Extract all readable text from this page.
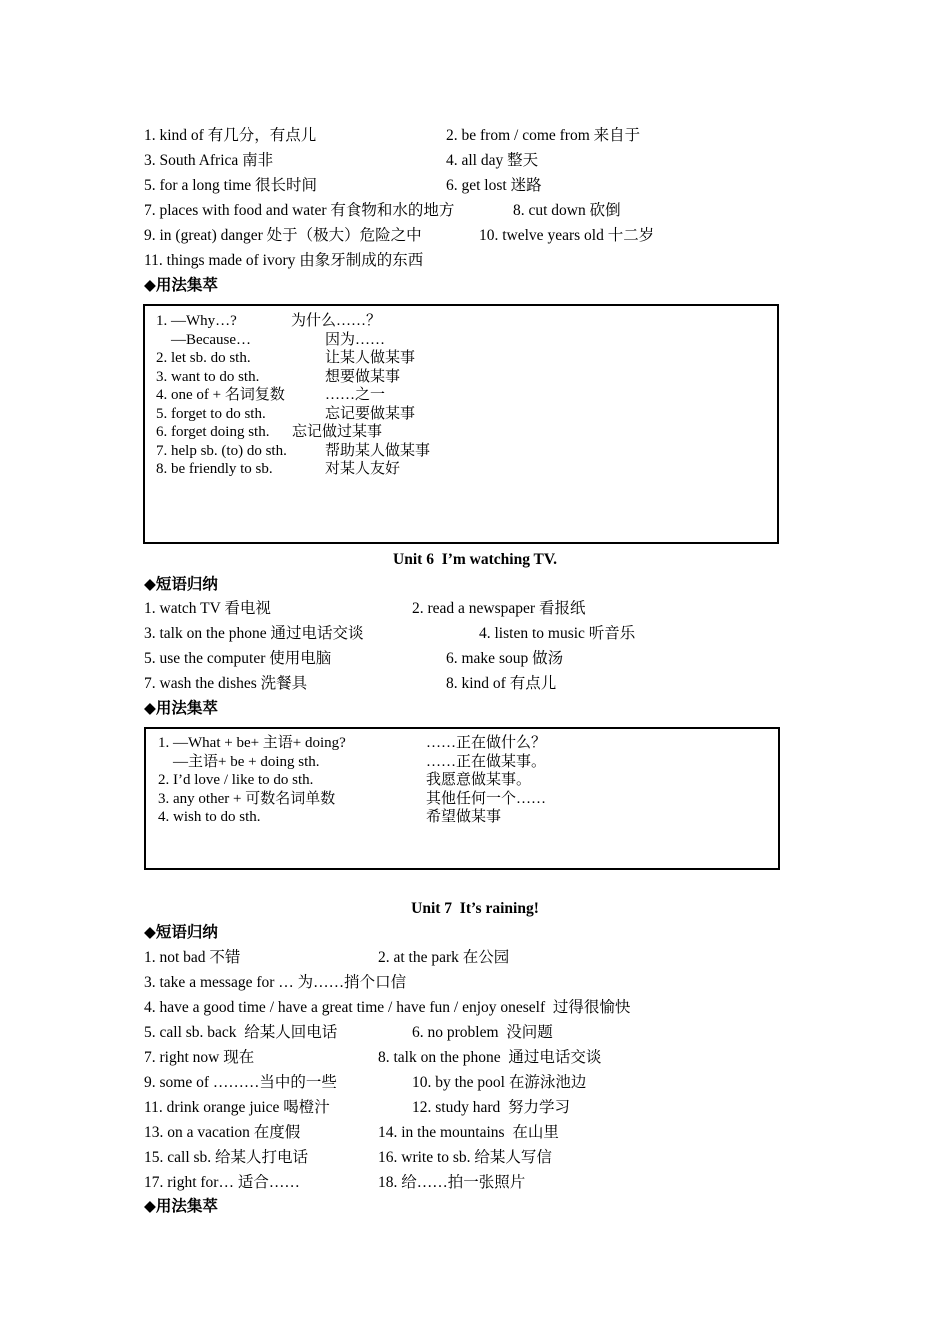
1. kind of 有几分，有点儿	2. be from / come from 来自于
3. South Africa 南非	4. all day 整天
5. for a long time 很长时间	6. get lost 迷路
7. places with food and water 有食物和水的地方	8. cut down 砍倒
9. in (great) danger 处于（极大）危险之中	10. twelve years old 十二岁
11. things made of ivory 由象牙制成的东西
◆用法集萃
1. —Why…?	为什么……？
—Because…	因为……
2. let sb. do sth.	让某人做某事
3. want to do sth.	想要做某事
4. one of + 名词复数	……之一
5. forget to do sth.	忘记要做某事
6. forget doing sth. 忘记做过某事
7. help sb. (to) do sth.	帮助某人做某事
8. be friendly to sb.	对某人友好
Unit 6  I’m watching TV.
◆短语归纳
1. watch TV 看电视	2. read a newspaper 看报纸
3. talk on the phone 通过电话交谈	4. listen to music 听音乐
5. use the computer 使用电脑	6. make soup 做汤
7. wash the dishes 洗餐具	8. kind of 有点儿
◆用法集萃
1. —What + be+ 主语+ doing?	……正在做什么？
—主语+ be + doing sth.	……正在做某事。
2. I’d love / like to do sth.	我愿意做某事。
3. any other + 可数名词单数	其他任何一个……
4. wish to do sth.	希望做某事
Unit 7  It’s raining!
◆短语归纳
1. not bad 不错	2. at the park 在公园
3. take a message for … 为……捎个口信
4. have a good time / have a great time / have fun / enjoy oneself  过得很愉快
5. call sb. back  给某人回电话	6. no problem  没问题
7. right now 现在	8. talk on the phone  通过电话交谈
9. some of ………当中的一些	10. by the pool 在游泳池边
11. drink orange juice 喝橙汁	12. study hard  努力学习
13. on a vacation 在度假	14. in the mountains  在山里
15. call sb. 给某人打电话	16. write to sb. 给某人写信
17. right for… 适合……	18. 给……拍一张照片
◆用法集萃
